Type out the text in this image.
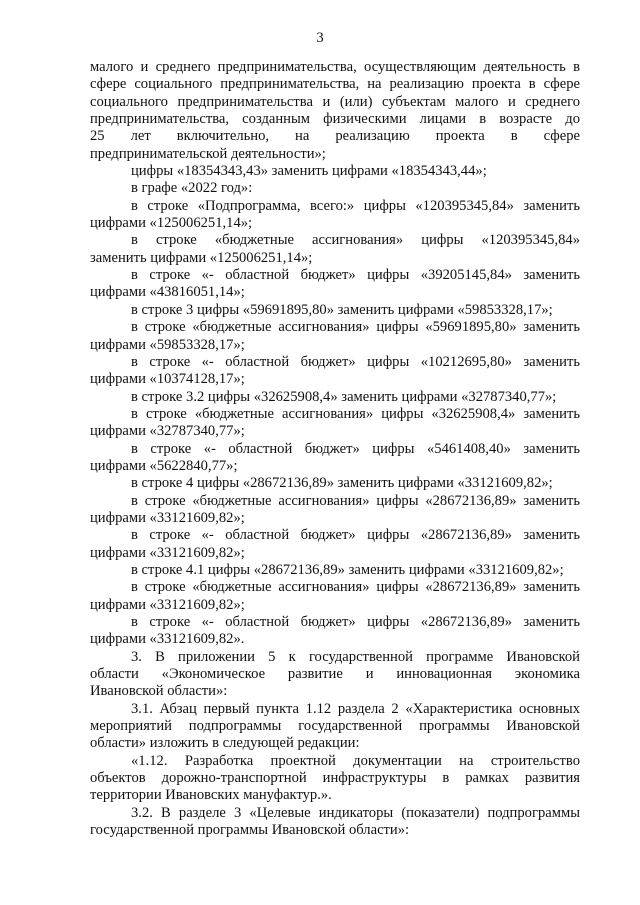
3
малого и среднего предпринимательства, осуществляющим деятельность в
сфере социального предпринимательства, на реализацию проекта в сфере
социального предпринимательства и (или) субъектам малого и среднего
предпринимательства, созданным физическими лицами в возрасте до
25 лет включительно, на реализацию проекта в сфере
предпринимательской деятельности»;
цифры «18354343,43» заменить цифрами «18354343,44»;
в графе «2022 год»:
в строке «Подпрограмма, всего:» цифры «120395345,84» заменить
цифрами «125006251,14»;
в строке «бюджетные ассигнования» цифры «120395345,84»
заменить цифрами «125006251,14»;
в строке «- областной бюджет» цифры «39205145,84» заменить
цифрами «43816051,14»;
в строке 3 цифры «59691895,80» заменить цифрами «59853328,17»;
в строке «бюджетные ассигнования» цифры «59691895,80» заменить
цифрами «59853328,17»;
в строке «- областной бюджет» цифры «10212695,80» заменить
цифрами «10374128,17»;
в строке 3.2 цифры «32625908,4» заменить цифрами «32787340,77»;
в строке «бюджетные ассигнования» цифры «32625908,4» заменить
цифрами «32787340,77»;
в строке «- областной бюджет» цифры «5461408,40» заменить
цифрами «5622840,77»;
в строке 4 цифры «28672136,89» заменить цифрами «33121609,82»;
в строке «бюджетные ассигнования» цифры «28672136,89» заменить
цифрами «33121609,82»;
в строке «- областной бюджет» цифры «28672136,89» заменить
цифрами «33121609,82»;
в строке 4.1 цифры «28672136,89» заменить цифрами «33121609,82»;
в строке «бюджетные ассигнования» цифры «28672136,89» заменить
цифрами «33121609,82»;
в строке «- областной бюджет» цифры «28672136,89» заменить
цифрами «33121609,82».
3. В приложении 5 к государственной программе Ивановской
области «Экономическое развитие и инновационная экономика
Ивановской области»:
3.1. Абзац первый пункта 1.12 раздела 2 «Характеристика основных
мероприятий подпрограммы государственной программы Ивановской
области» изложить в следующей редакции:
«1.12. Разработка проектной документации на строительство
объектов дорожно-транспортной инфраструктуры в рамках развития
территории Ивановских мануфактур.».
3.2. В разделе 3 «Целевые индикаторы (показатели) подпрограммы
государственной программы Ивановской области»:
